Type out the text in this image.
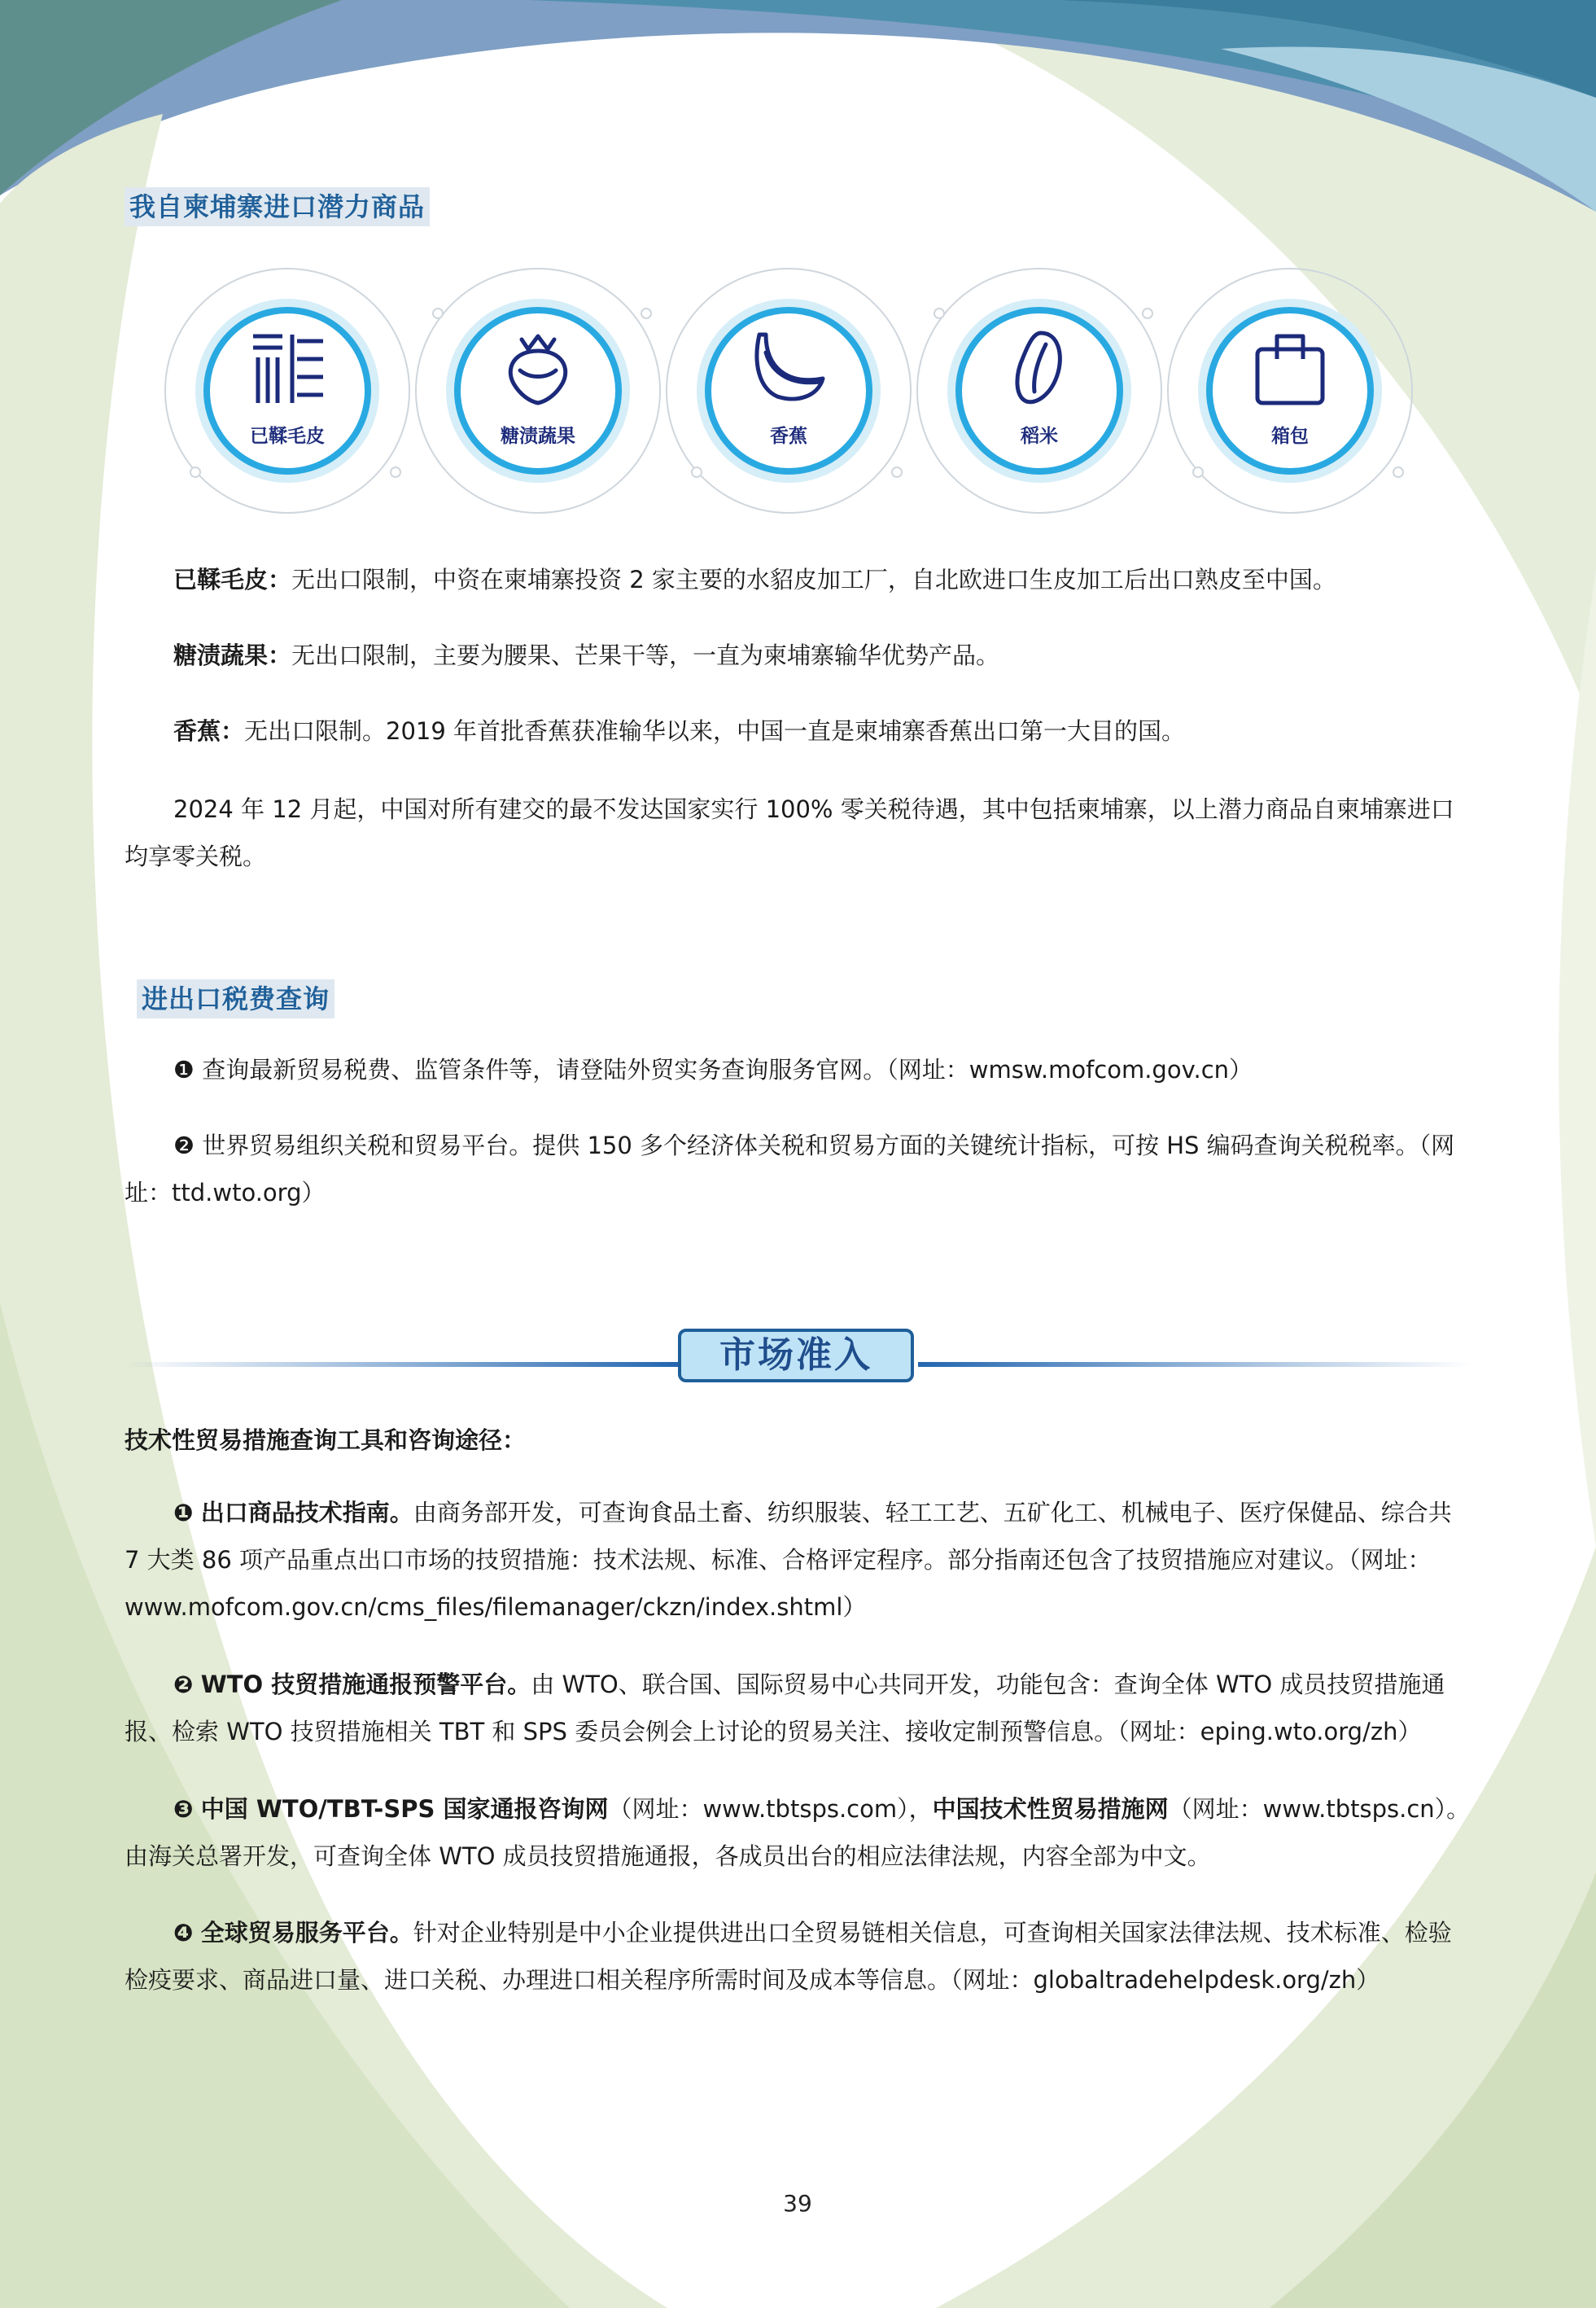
我自柬埔寨进口潜力商品
已鞣毛皮	糖渍蔬果	香蕉	稻米	箱包
已鞣毛皮：无出口限制，中资在柬埔寨投资 2 家主要的水貂皮加工厂，自北欧进口生皮加工后出口熟皮至中国。
糖渍蔬果：无出口限制，主要为腰果、芒果干等，一直为柬埔寨输华优势产品。
香蕉：无出口限制。2019 年首批香蕉获准输华以来，中国一直是柬埔寨香蕉出口第一大目的国。
2024 年 12 月起，中国对所有建交的最不发达国家实行 100% 零关税待遇，其中包括柬埔寨，以上潜力商品自柬埔寨进口均享零关税。
进出口税费查询
❶ 查询最新贸易税费、监管条件等，请登陆外贸实务查询服务官网。（网址：wmsw.mofcom.gov.cn）
❷ 世界贸易组织关税和贸易平台。提供 150 多个经济体关税和贸易方面的关键统计指标，可按 HS 编码查询关税税率。（网址：ttd.wto.org）
市场准入
技术性贸易措施查询工具和咨询途径：
❶ 出口商品技术指南。由商务部开发，可查询食品土畜、纺织服装、轻工工艺、五矿化工、机械电子、医疗保健品、综合共 7 大类 86 项产品重点出口市场的技贸措施：技术法规、标准、合格评定程序。部分指南还包含了技贸措施应对建议。（网址：www.mofcom.gov.cn/cms_files/filemanager/ckzn/index.shtml）
❷ WTO 技贸措施通报预警平台。由 WTO、联合国、国际贸易中心共同开发，功能包含：查询全体 WTO 成员技贸措施通报、检索 WTO 技贸措施相关 TBT 和 SPS 委员会例会上讨论的贸易关注、接收定制预警信息。（网址：eping.wto.org/zh）
❸ 中国 WTO/TBT-SPS 国家通报咨询网（网址：www.tbtsps.com），中国技术性贸易措施网（网址：www.tbtsps.cn）。由海关总署开发，可查询全体 WTO 成员技贸措施通报，各成员出台的相应法律法规，内容全部为中文。
❹ 全球贸易服务平台。针对企业特别是中小企业提供进出口全贸易链相关信息，可查询相关国家法律法规、技术标准、检验检疫要求、商品进口量、进口关税、办理进口相关程序所需时间及成本等信息。（网址：globaltradehelpdesk.org/zh）
39
